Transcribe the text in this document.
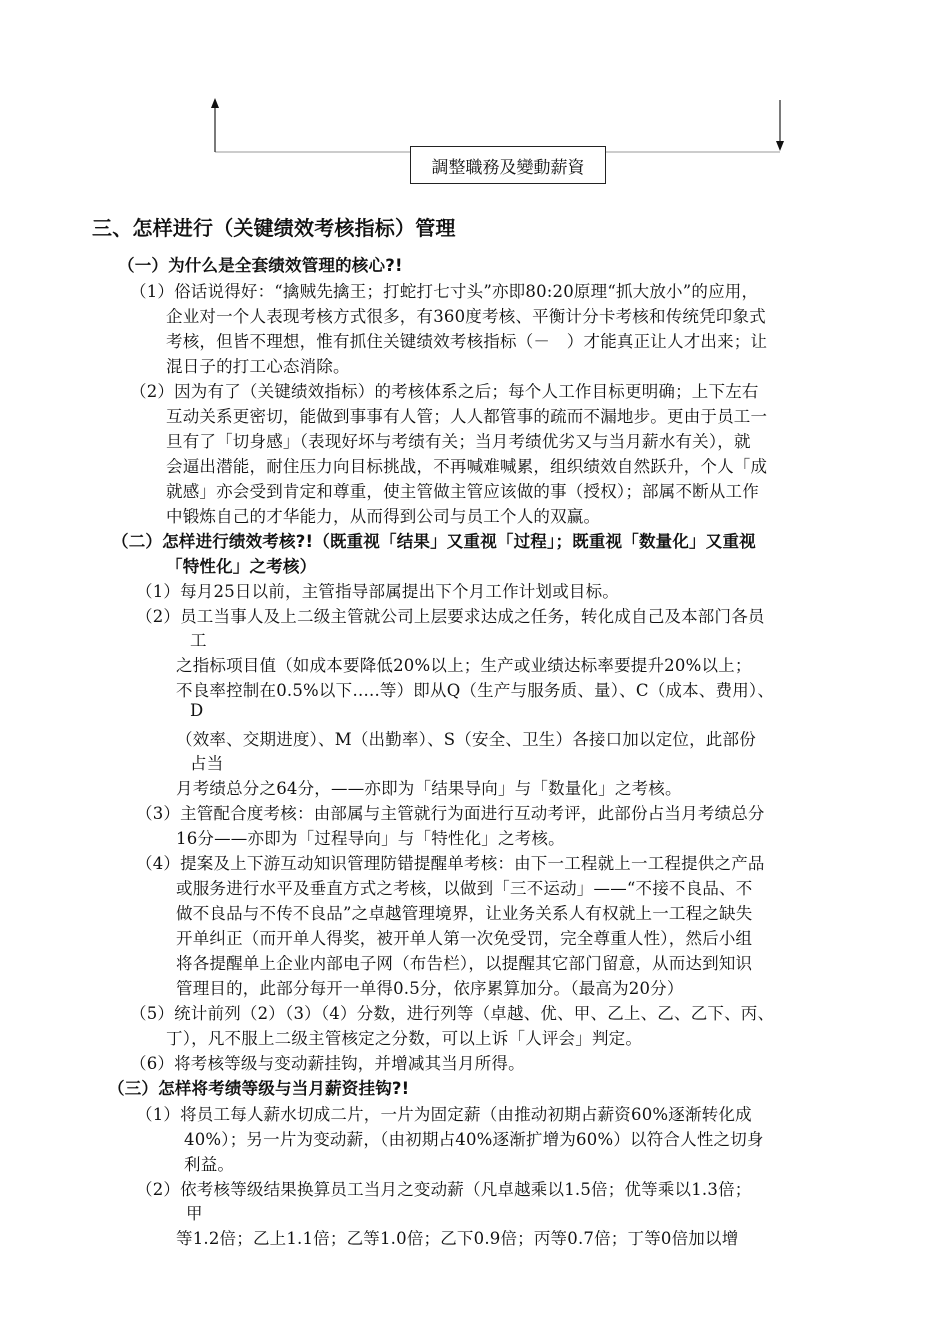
調整職務及變動薪資
三、怎样进行（关键绩效考核指标）管理
（一）为什么是全套绩效管理的核心?!
（1）俗话说得好：“擒贼先擒王；打蛇打七寸头”亦即80:20原理“抓大放小”的应用，
企业对一个人表现考核方式很多，有360度考核、平衡计分卡考核和传统凭印象式
考核，但皆不理想，惟有抓住关键绩效考核指标（－　）才能真正让人才出来；让
混日子的打工心态消除。
（2）因为有了（关键绩效指标）的考核体系之后；每个人工作目标更明确；上下左右
互动关系更密切，能做到事事有人管；人人都管事的疏而不漏地步。更由于员工一
旦有了「切身感」（表现好坏与考绩有关；当月考绩优劣又与当月薪水有关），就
会逼出潜能，耐住压力向目标挑战，不再喊难喊累，组织绩效自然跃升，个人「成
就感」亦会受到肯定和尊重，使主管做主管应该做的事（授权）；部属不断从工作
中锻炼自己的才华能力，从而得到公司与员工个人的双赢。
（二）怎样进行绩效考核?!（既重视「结果」又重视「过程」；既重视「数量化」又重视
「特性化」之考核）
（1）每月25日以前，主管指导部属提出下个月工作计划或目标。
（2）员工当事人及上二级主管就公司上层要求达成之任务，转化成自己及本部门各员
工
之指标项目值（如成本要降低20%以上；生产或业绩达标率要提升20%以上；
不良率控制在0.5%以下…..等）即从Q（生产与服务质、量）、C（成本、费用）、
D
（效率、交期进度）、M（出勤率）、S（安全、卫生）各接口加以定位，此部份
占当
月考绩总分之64分，——亦即为「结果导向」与「数量化」之考核。
（3）主管配合度考核：由部属与主管就行为面进行互动考评，此部份占当月考绩总分
16分——亦即为「过程导向」与「特性化」之考核。
（4）提案及上下游互动知识管理防错提醒单考核：由下一工程就上一工程提供之产品
或服务进行水平及垂直方式之考核，以做到「三不运动」——“不接不良品、不
做不良品与不传不良品”之卓越管理境界，让业务关系人有权就上一工程之缺失
开单纠正（而开单人得奖，被开单人第一次免受罚，完全尊重人性），然后小组
将各提醒单上企业内部电子网（布告栏），以提醒其它部门留意，从而达到知识
管理目的，此部分每开一单得0.5分，依序累算加分。（最高为20分）
（5）统计前列（2）（3）（4）分数，进行列等（卓越、优、甲、乙上、乙、乙下、丙、
丁），凡不服上二级主管核定之分数，可以上诉「人评会」判定。
（6）将考核等级与变动薪挂钩，并增减其当月所得。
（三）怎样将考绩等级与当月薪资挂钩?!
（1）将员工每人薪水切成二片，一片为固定薪（由推动初期占薪资60%逐渐转化成
40%）；另一片为变动薪，（由初期占40%逐渐扩增为60%）以符合人性之切身
利益。
（2）依考核等级结果换算员工当月之变动薪（凡卓越乘以1.5倍；优等乘以1.3倍；
甲
等1.2倍；乙上1.1倍；乙等1.0倍；乙下0.9倍；丙等0.7倍；丁等0倍加以增
